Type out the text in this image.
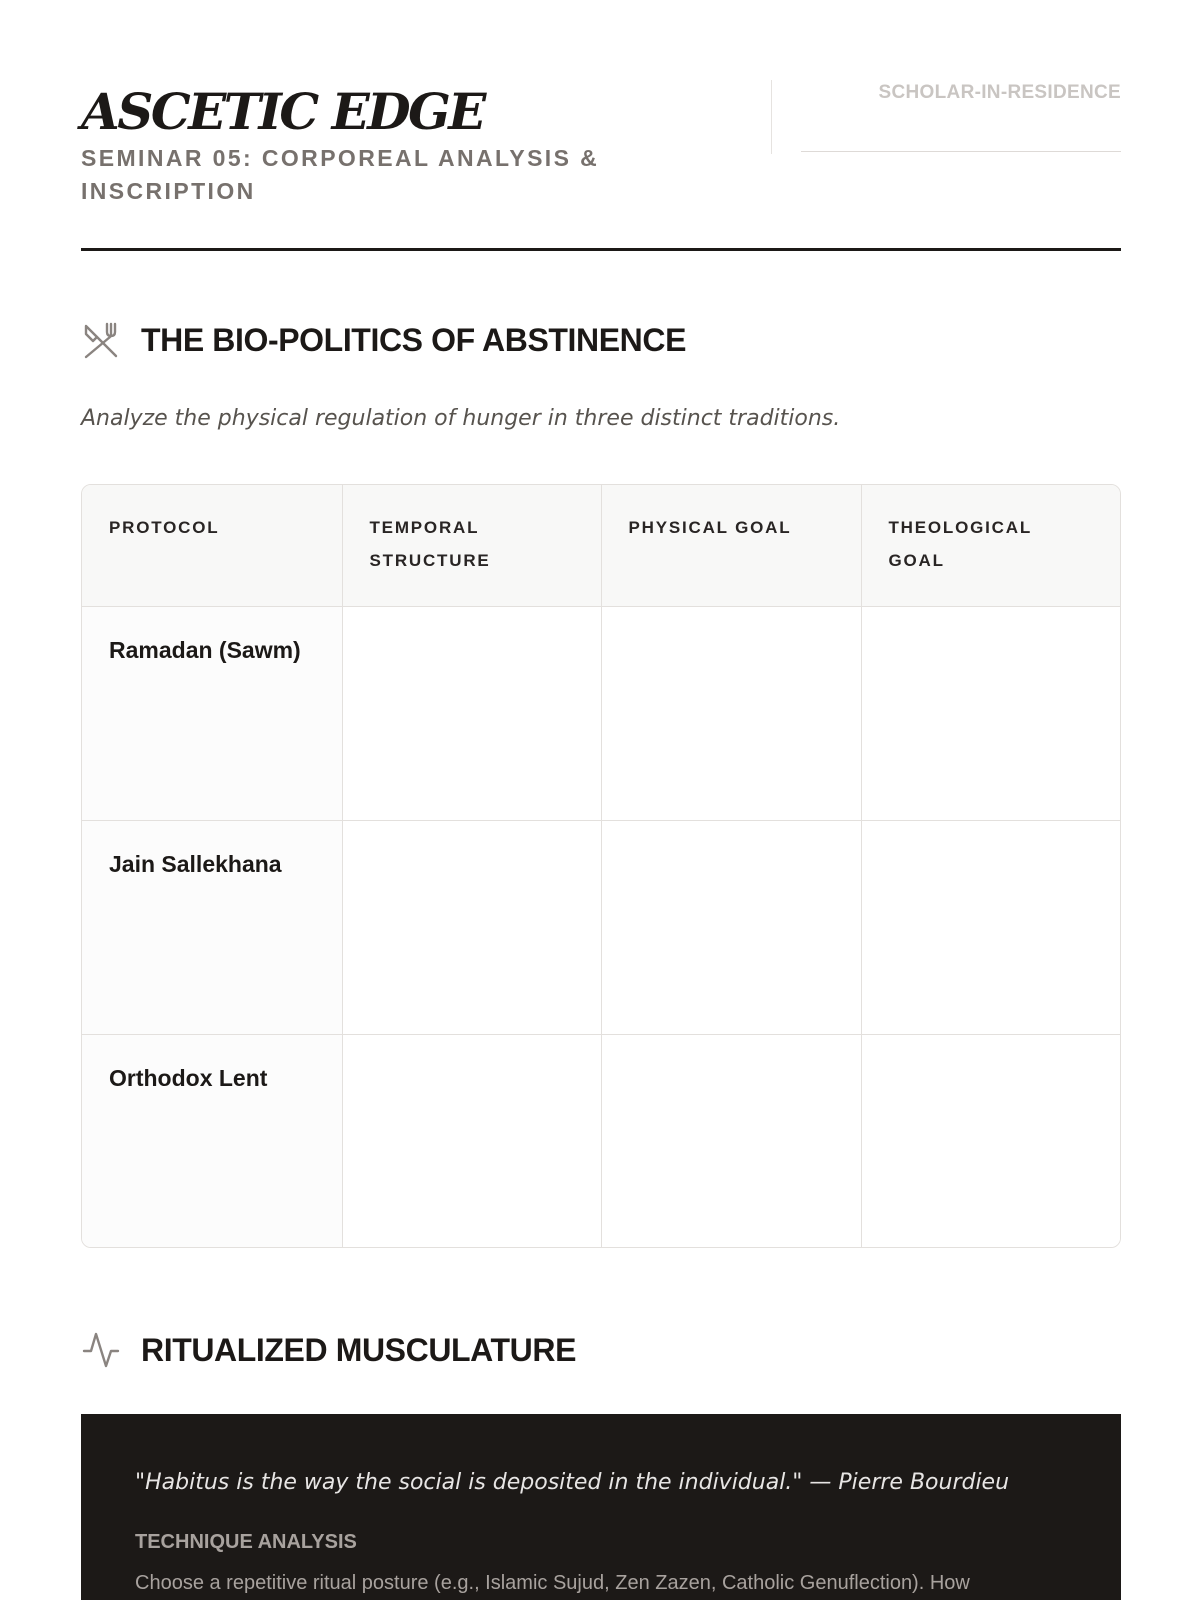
ASCETIC EDGE

SEMINAR 05: CORPOREAL ANALYSIS & INSCRIPTION

SCHOLAR-IN-RESIDENCE
THE BIO-POLITICS OF ABSTINENCE

Analyze the physical regulation of hunger in three distinct traditions.

PROTOCOL	TEMPORAL STRUCTURE	PHYSICAL GOAL	THEOLOGICAL GOAL
Ramadan (Sawm)			
Jain Sallekhana			
Orthodox Lent			
RITUALIZED MUSCULATURE

"Habitus is the way the social is deposited in the individual." — Pierre Bourdieu

TECHNIQUE ANALYSIS

Choose a repetitive ritual posture (e.g., Islamic Sujud, Zen Zazen, Catholic Genuflection). How
